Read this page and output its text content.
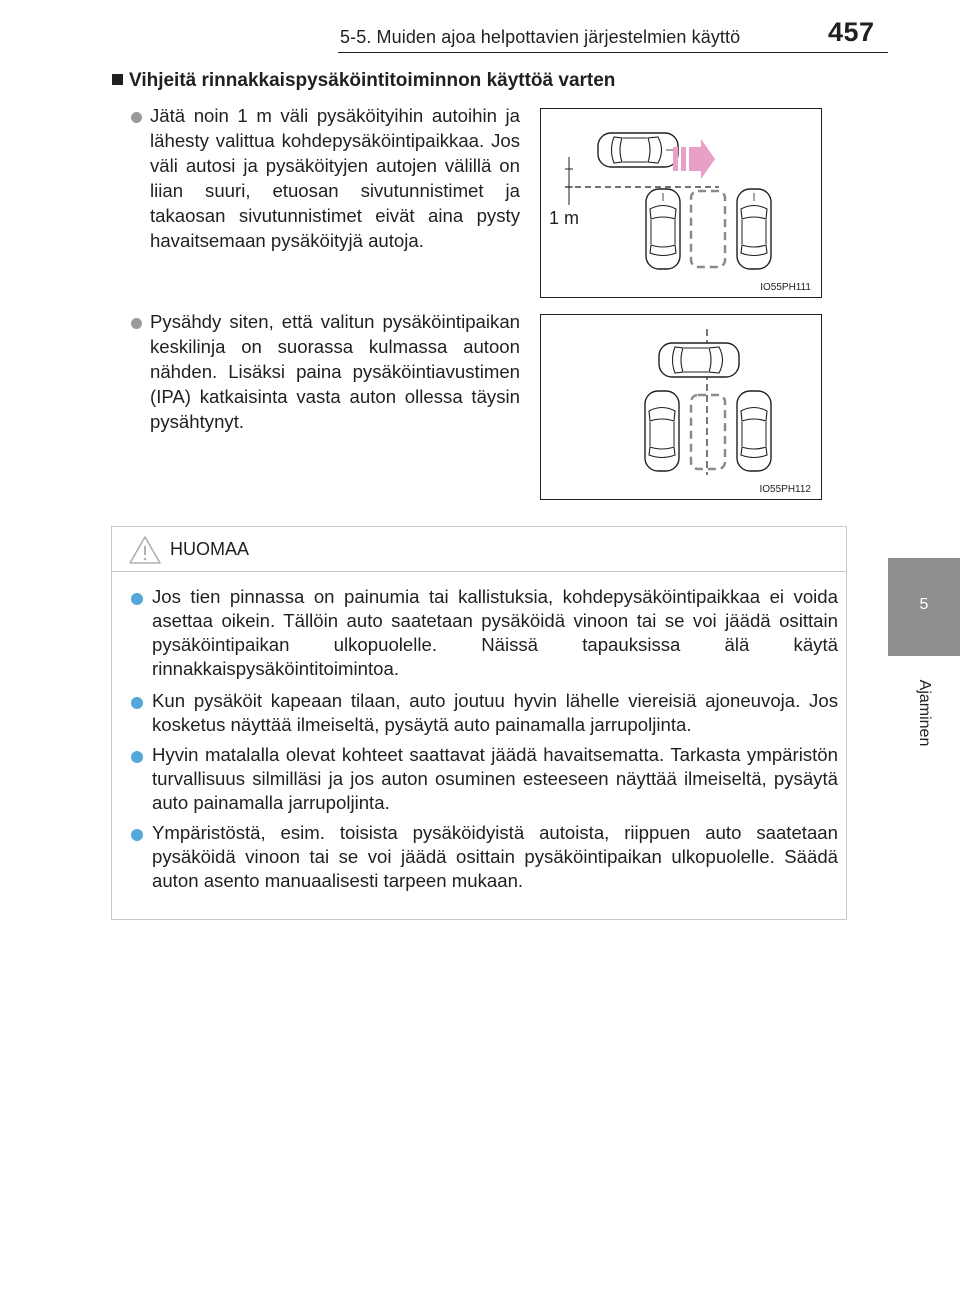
5-5. Muiden ajoa helpottavien järjestelmien käyttö	457
5
Ajaminen
Vihjeitä rinnakkaispysäköintitoiminnon käyttöä varten
Jätä noin 1 m väli pysäköityihin autoihin ja lähesty valittua kohdepysäköintipaikkaa. Jos väli autosi ja pysäköityjen autojen välillä on liian suuri, etuosan sivutunnistimet ja takaosan sivutunnistimet eivät aina pysty havaitsemaan pysäköityjä autoja.
1 m
IO55PH111
Pysähdy siten, että valitun pysäköintipaikan keskilinja on suorassa kulmassa autoon nähden. Lisäksi paina pysäköintiavustimen (IPA) katkaisinta vasta auton ollessa täysin pysähtynyt.
IO55PH112
HUOMAA
Jos tien pinnassa on painumia tai kallistuksia, kohdepysäköintipaikkaa ei voida asettaa oikein. Tällöin auto saatetaan pysäköidä vinoon tai se voi jäädä osittain pysäköintipaikan ulkopuolelle. Näissä tapauksissa älä käytä rinnakkaispysäköintitoimintoa.
Kun pysäköit kapeaan tilaan, auto joutuu hyvin lähelle viereisiä ajoneuvoja. Jos kosketus näyttää ilmeiseltä, pysäytä auto painamalla jarrupoljinta.
Hyvin matalalla olevat kohteet saattavat jäädä havaitsematta. Tarkasta ympäristön turvallisuus silmilläsi ja jos auton osuminen esteeseen näyttää ilmeiseltä, pysäytä auto painamalla jarrupoljinta.
Ympäristöstä, esim. toisista pysäköidyistä autoista, riippuen auto saatetaan pysäköidä vinoon tai se voi jäädä osittain pysäköintipaikan ulkopuolelle. Säädä auton asento manuaalisesti tarpeen mukaan.
